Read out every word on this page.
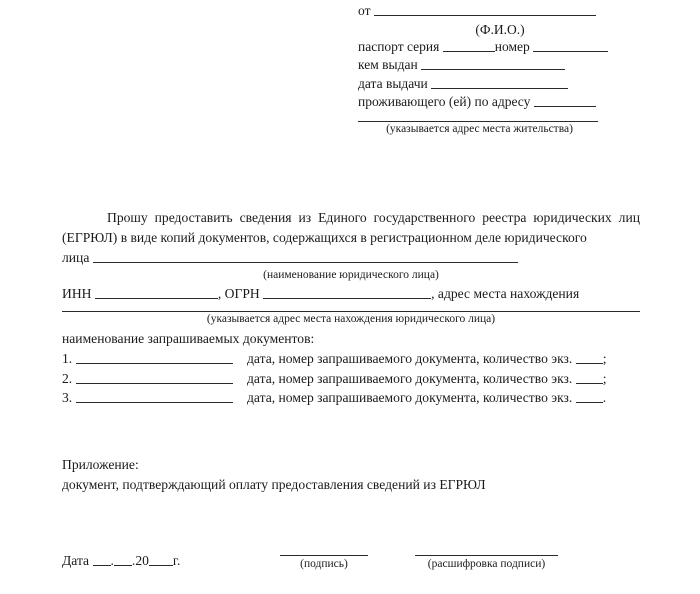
от
(Ф.И.О.)
паспорт серия	номер
кем выдан
дата выдачи
проживающего (ей) по адресу
(указывается адрес места жительства)

Прошу предоставить сведения из Единого государственного реестра юридических лиц (ЕГРЮЛ) в виде копий документов, содержащихся в регистрационном деле юридического

лица
(наименование юридического лица)
ИНН	, ОГРН	, адрес места нахождения
(указывается адрес места нахождения юридического лица)
наименование запрашиваемых документов:
1.	дата, номер запрашиваемого документа, количество экз. ;
2.	дата, номер запрашиваемого документа, количество экз. ;
3.	дата, номер запрашиваемого документа, количество экз. .
Приложение:
документ, подтверждающий оплату предоставления сведений из ЕГРЮЛ
Дата . .20 г.	(подпись)	(расшифровка подписи)
